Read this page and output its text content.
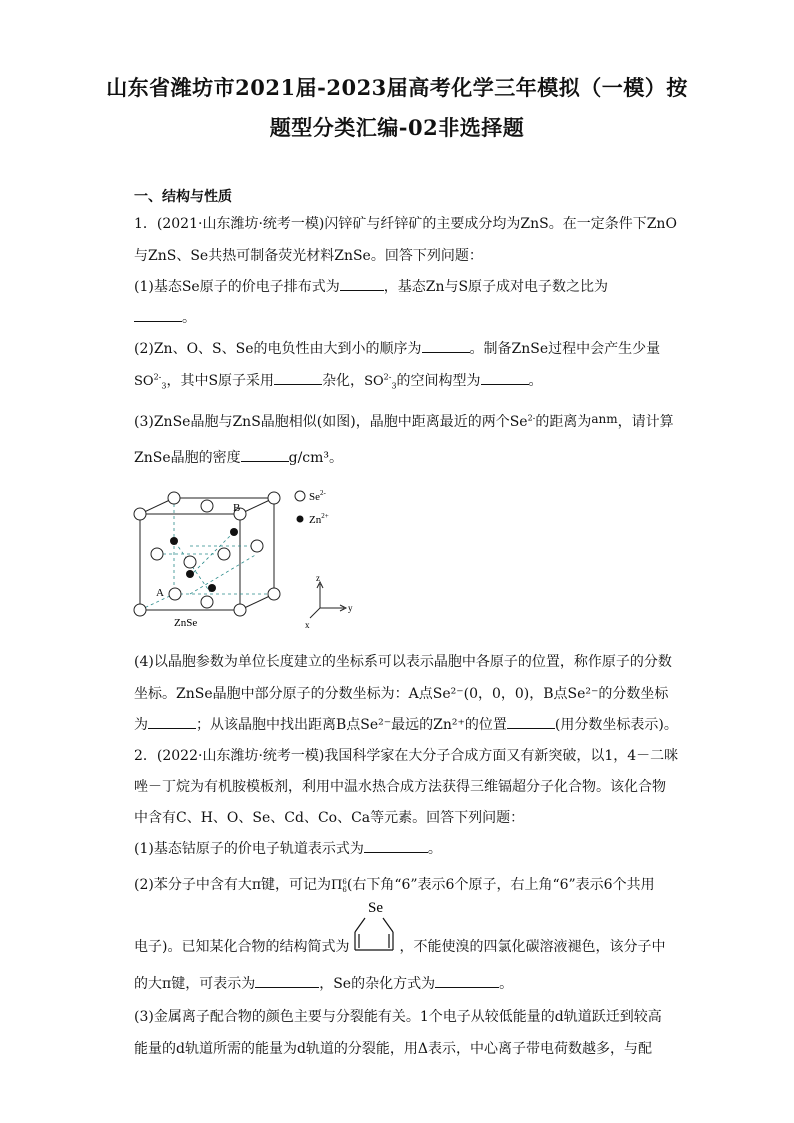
山东省潍坊市2021届-2023届高考化学三年模拟（一模）按
题型分类汇编-02非选择题
一、结构与性质
1．(2021·山东潍坊·统考一模)闪锌矿与纤锌矿的主要成分均为ZnS。在一定条件下ZnO
与ZnS、Se共热可制备荧光材料ZnSe。回答下列问题：
(1)基态Se原子的价电子排布式为	，基态Zn与S原子成对电子数之比为
。
(2)Zn、O、S、Se的电负性由大到小的顺序为	。制备ZnSe过程中会产生少量
$SO^{2-}_3$，其中S原子采用	杂化，$SO^{2-}_3$的空间构型为	。
(3)ZnSe晶胞与ZnS晶胞相似(如图)，晶胞中距离最近的两个$Se^{2-}$的距离为anm，请计算
ZnSe晶胞的密度	g/cm³。
B
A
ZnSe
$Se^{2-}$
$Zn^{2+}$
z
y
x
(4)以晶胞参数为单位长度建立的坐标系可以表示晶胞中各原子的位置，称作原子的分数
坐标。ZnSe晶胞中部分原子的分数坐标为：A点Se²⁻(0，0，0)，B点Se²⁻的分数坐标
为	；从该晶胞中找出距离B点Se²⁻最远的Zn²⁺的位置	(用分数坐标表示)。
2．(2022·山东潍坊·统考一模)我国科学家在大分子合成方面又有新突破，以1，4－二咪
唑－丁烷为有机胺模板剂，利用中温水热合成方法获得三维镉超分子化合物。该化合物
中含有C、H、O、Se、Cd、Co、Ca等元素。回答下列问题：
(1)基态钴原子的价电子轨道表示式为	。
(2)苯分子中含有大π键，可记为Π 6
6 (右下角“6”表示6个原子，右上角“6”表示6个共用
电子)。已知某化合物的结构简式为
Se
，不能使溴的四氯化碳溶液褪色，该分子中
的大π键，可表示为	，Se的杂化方式为	。
(3)金属离子配合物的颜色主要与分裂能有关。1个电子从较低能量的d轨道跃迁到较高
能量的d轨道所需的能量为d轨道的分裂能，用Δ表示，中心离子带电荷数越多，与配
